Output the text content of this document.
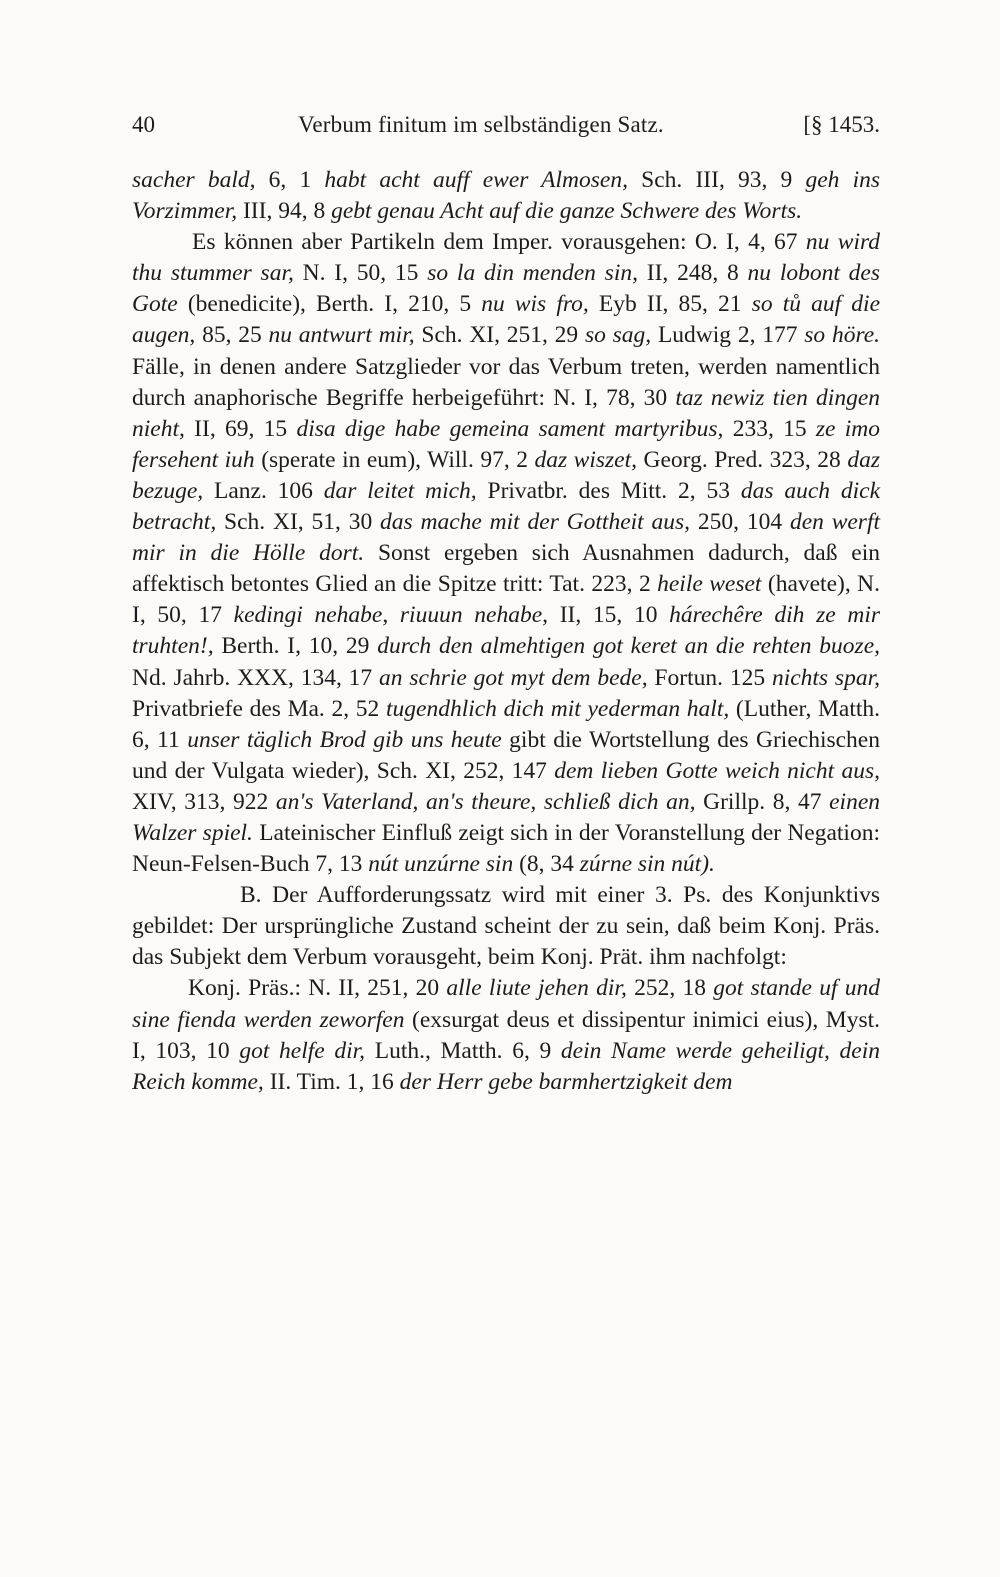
40	Verbum finitum im selbständigen Satz.	[§ 1453.

sacher bald, 6, 1 habt acht auff ewer Almosen, Sch. III, 93, 9 geh ins Vorzimmer, III, 94, 8 gebt genau Acht auf die ganze Schwere des Worts.

Es können aber Partikeln dem Imper. vorausgehen: O. I, 4, 67 nu wird thu stummer sar, N. I, 50, 15 so la din menden sin, II, 248, 8 nu lobont des Gote (benedicite), Berth. I, 210, 5 nu wis fro, Eyb II, 85, 21 so tů auf die augen, 85, 25 nu antwurt mir, Sch. XI, 251, 29 so sag, Ludwig 2, 177 so höre. Fälle, in denen andere Satzglieder vor das Verbum treten, werden namentlich durch anaphorische Begriffe herbeigeführt: N. I, 78, 30 taz newiz tien dingen nieht, II, 69, 15 disa dige habe gemeina sament martyribus, 233, 15 ze imo fersehent iuh (sperate in eum), Will. 97, 2 daz wiszet, Georg. Pred. 323, 28 daz bezuge, Lanz. 106 dar leitet mich, Privatbr. des Mitt. 2, 53 das auch dick betracht, Sch. XI, 51, 30 das mache mit der Gottheit aus, 250, 104 den werft mir in die Hölle dort. Sonst ergeben sich Ausnahmen dadurch, daß ein affektisch betontes Glied an die Spitze tritt: Tat. 223, 2 heile weset (havete), N. I, 50, 17 kedingi nehabe, riuuun nehabe, II, 15, 10 hárechêre dih ze mir truhten!, Berth. I, 10, 29 durch den almehtigen got keret an die rehten buoze, Nd. Jahrb. XXX, 134, 17 an schrie got myt dem bede, Fortun. 125 nichts spar, Privatbriefe des Ma. 2, 52 tugendhlich dich mit yederman halt, (Luther, Matth. 6, 11 unser täglich Brod gib uns heute gibt die Wortstellung des Griechischen und der Vulgata wieder), Sch. XI, 252, 147 dem lieben Gotte weich nicht aus, XIV, 313, 922 an's Vaterland, an's theure, schließ dich an, Grillp. 8, 47 einen Walzer spiel. Lateinischer Einfluß zeigt sich in der Voranstellung der Negation: Neun-Felsen-Buch 7, 13 nút unzúrne sin (8, 34 zúrne sin nút).

B. Der Aufforderungssatz wird mit einer 3. Ps. des Konjunktivs gebildet: Der ursprüngliche Zustand scheint der zu sein, daß beim Konj. Präs. das Subjekt dem Verbum vorausgeht, beim Konj. Prät. ihm nachfolgt:

Konj. Präs.: N. II, 251, 20 alle liute jehen dir, 252, 18 got stande uf und sine fienda werden zeworfen (exsurgat deus et dissipentur inimici eius), Myst. I, 103, 10 got helfe dir, Luth., Matth. 6, 9 dein Name werde geheiligt, dein Reich komme, II. Tim. 1, 16 der Herr gebe barmhertzigkeit dem
